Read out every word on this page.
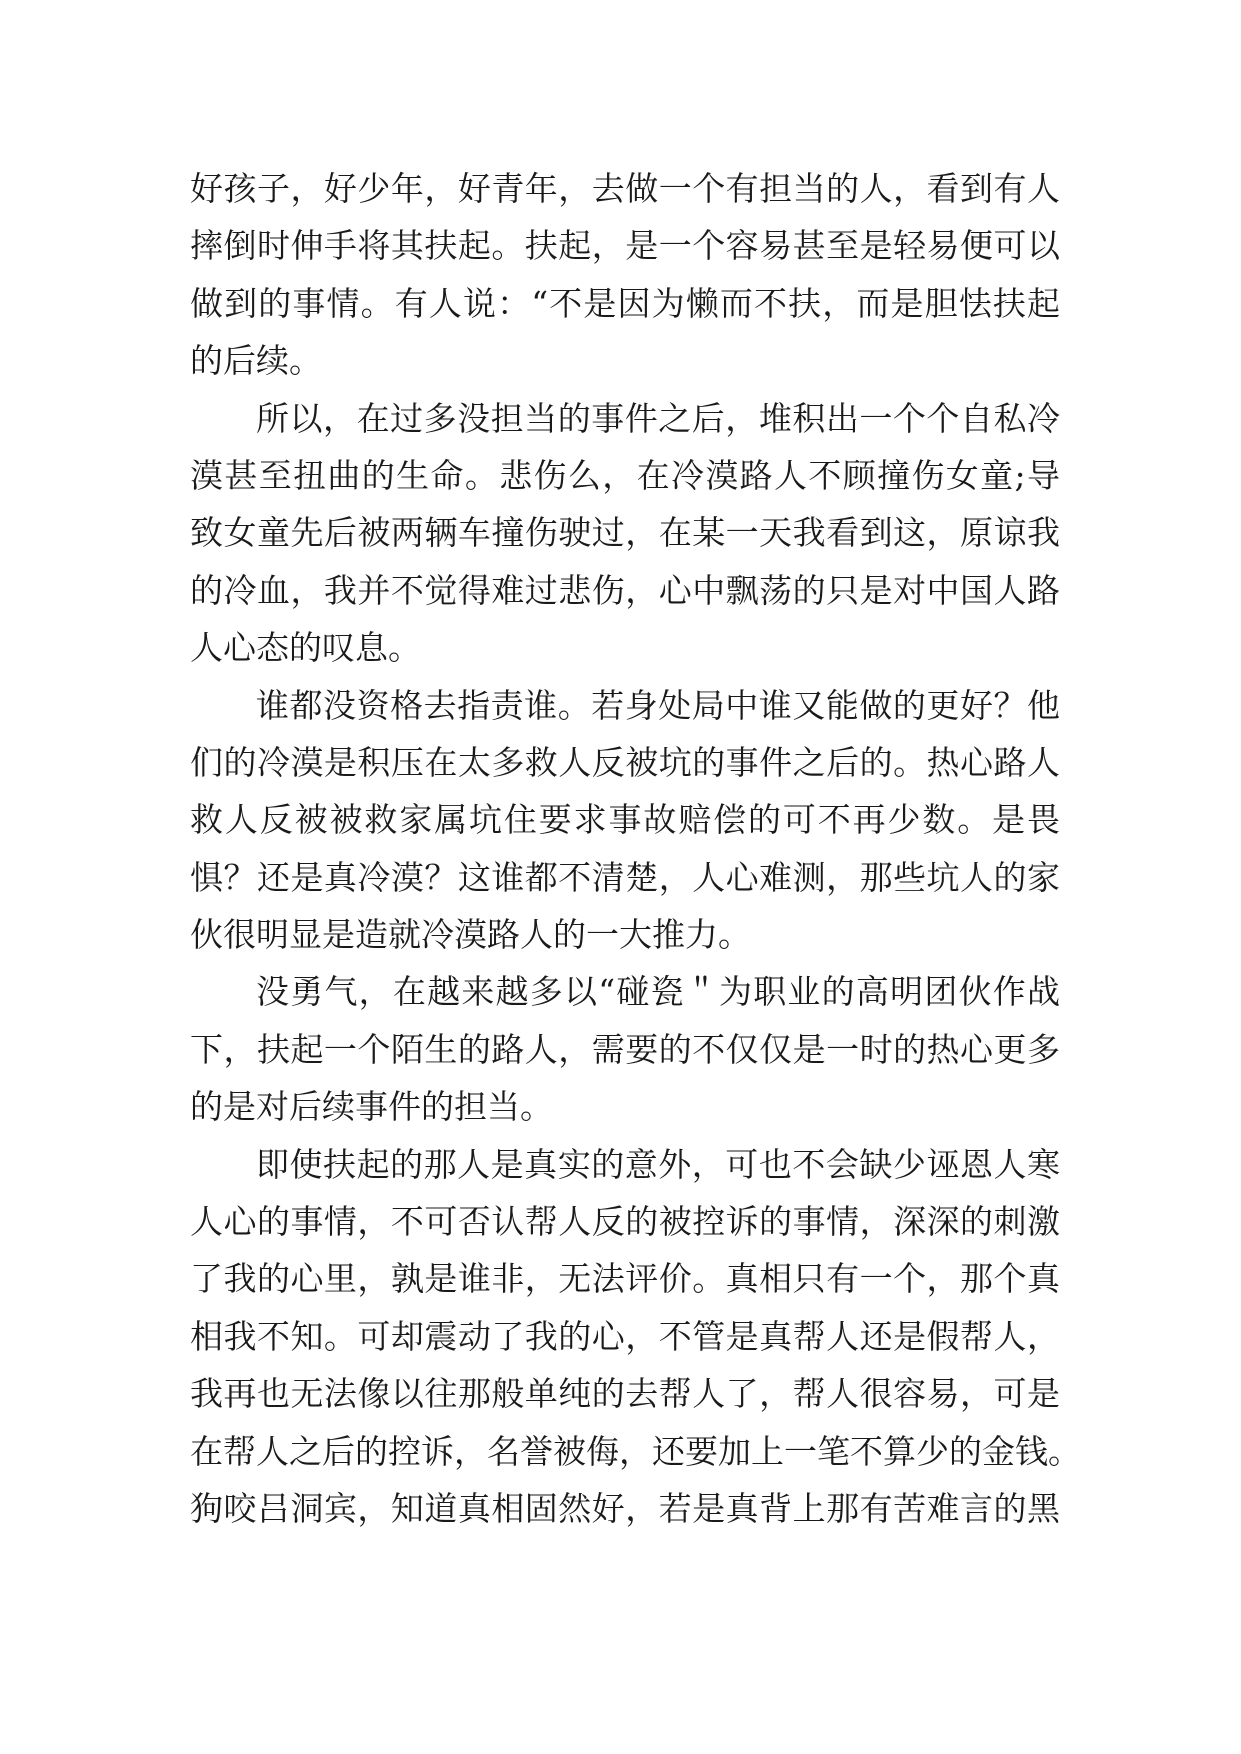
好孩子，好少年，好青年，去做一个有担当的人，看到有人
摔倒时伸手将其扶起。扶起，是一个容易甚至是轻易便可以
做到的事情。有人说：“不是因为懒而不扶，而是胆怯扶起
的后续。
所以，在过多没担当的事件之后，堆积出一个个自私冷
漠甚至扭曲的生命。悲伤么，在冷漠路人不顾撞伤女童;导
致女童先后被两辆车撞伤驶过，在某一天我看到这，原谅我
的冷血，我并不觉得难过悲伤，心中飘荡的只是对中国人路
人心态的叹息。
谁都没资格去指责谁。若身处局中谁又能做的更好？他
们的冷漠是积压在太多救人反被坑的事件之后的。热心路人
救人反被被救家属坑住要求事故赔偿的可不再少数。是畏
惧？还是真冷漠？这谁都不清楚，人心难测，那些坑人的家
伙很明显是造就冷漠路人的一大推力。
没勇气，在越来越多以“碰瓷＂为职业的高明团伙作战
下，扶起一个陌生的路人，需要的不仅仅是一时的热心更多
的是对后续事件的担当。
即使扶起的那人是真实的意外，可也不会缺少诬恩人寒
人心的事情，不可否认帮人反的被控诉的事情，深深的刺激
了我的心里，孰是谁非，无法评价。真相只有一个，那个真
相我不知。可却震动了我的心，不管是真帮人还是假帮人，
我再也无法像以往那般单纯的去帮人了，帮人很容易，可是
在帮人之后的控诉，名誉被侮，还要加上一笔不算少的金钱。
狗咬吕洞宾，知道真相固然好，若是真背上那有苦难言的黑
